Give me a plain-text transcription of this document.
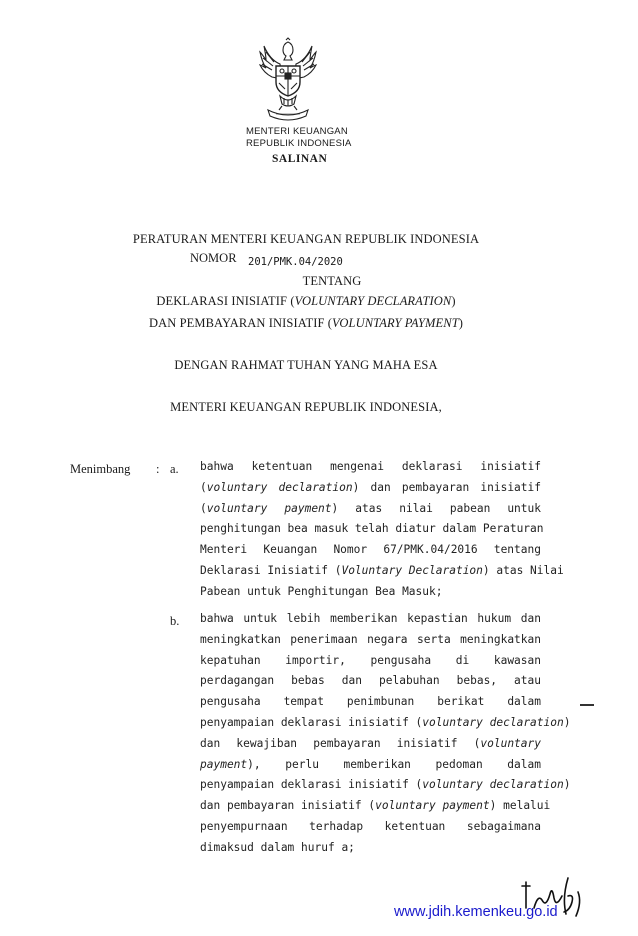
MENTERI KEUANGAN
REPUBLIK INDONESIA
SALINAN
PERATURAN MENTERI KEUANGAN REPUBLIK INDONESIA
NOMOR 201/PMK.04/2020
TENTANG
DEKLARASI INISIATIF (VOLUNTARY DECLARATION)
DAN PEMBAYARAN INISIATIF (VOLUNTARY PAYMENT)
DENGAN RAHMAT TUHAN YANG MAHA ESA
MENTERI KEUANGAN REPUBLIK INDONESIA,
Menimbang : a. bahwa ketentuan mengenai deklarasi inisiatif
(voluntary declaration) dan pembayaran inisiatif
(voluntary payment) atas nilai pabean untuk
penghitungan bea masuk telah diatur dalam Peraturan
Menteri Keuangan Nomor 67/PMK.04/2016 tentang
Deklarasi Inisiatif (Voluntary Declaration) atas Nilai
Pabean untuk Penghitungan Bea Masuk;
b. bahwa untuk lebih memberikan kepastian hukum dan
meningkatkan penerimaan negara serta meningkatkan
kepatuhan importir, pengusaha di kawasan
perdagangan bebas dan pelabuhan bebas, atau
pengusaha tempat penimbunan berikat dalam
penyampaian deklarasi inisiatif (voluntary declaration)
dan kewajiban pembayaran inisiatif (voluntary
payment), perlu memberikan pedoman dalam
penyampaian deklarasi inisiatif (voluntary declaration)
dan pembayaran inisiatif (voluntary payment) melalui
penyempurnaan terhadap ketentuan sebagaimana
dimaksud dalam huruf a;
www.jdih.kemenkeu.go.id
